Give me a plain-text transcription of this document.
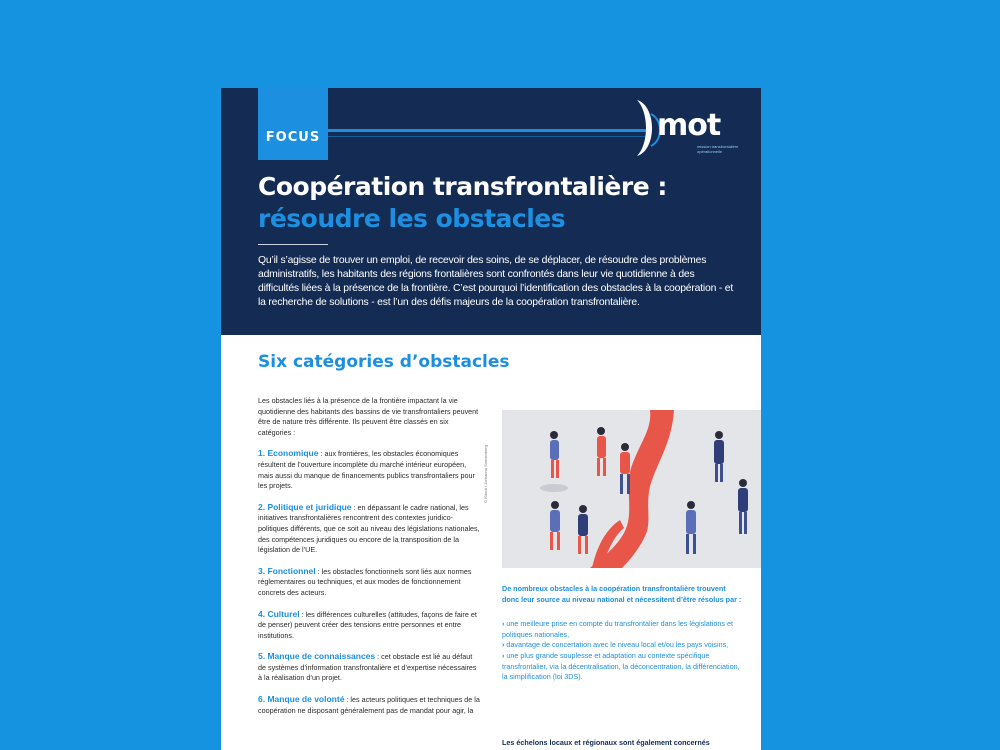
FOCUS	mot
mission transfrontalière opérationnelle
Coopération transfrontalière :
résoudre les obstacles
Qu’il s’agisse de trouver un emploi, de recevoir des soins, de se déplacer, de résoudre des problèmes administratifs, les habitants des régions frontalières sont confrontés dans leur vie quotidienne à des difficultés liées à la présence de la frontière. C’est pourquoi l’identification des obstacles à la coopération - et la recherche de solutions - est l’un des défis majeurs de la coopération transfrontalière.
Six catégories d’obstacles

Les obstacles liés à la présence de la frontière impactant la vie quotidienne des habitants des bassins de vie transfrontaliers peuvent être de nature très différente. Ils peuvent être classés en six catégories :

1. Economique : aux frontières, les obstacles économiques résultent de l’ouverture incomplète du marché intérieur européen, mais aussi du manque de financements publics transfrontaliers pour les projets.

2. Politique et juridique : en dépassant le cadre national, les initiatives transfrontalières rencontrent des contextes juridico-politiques différents, que ce soit au niveau des législations nationales, des compétences juridiques ou encore de la transposition de la législation de l’UE.

3. Fonctionnel : les obstacles fonctionnels sont liés aux normes réglementaires ou techniques, et aux modes de fonctionnement concrets des acteurs.

4. Culturel : les différences culturelles (attitudes, façons de faire et de penser) peuvent créer des tensions entre personnes et entre institutions.

5. Manque de connaissances : cet obstacle est lié au défaut de systèmes d’information transfrontalière et d’expertise nécessaires à la réalisation d’un projet.

6. Manque de volonté : les acteurs politiques et techniques de la coopération ne disposant généralement pas de mandat pour agir, la

© iStock / Jorhanna Sonnenberg

De nombreux obstacles à la coopération transfrontalière trouvent donc leur source au niveau national et nécessitent d’être résolus par :

› une meilleure prise en compte du transfrontalier dans les législations et politiques nationales,

› davantage de concertation avec le niveau local et/ou les pays voisins,

› une plus grande souplesse et adaptation au contexte spécifique transfrontalier, via la décentralisation, la déconcentration, la différenciation, la simplification (loi 3DS).

Les échelons locaux et régionaux sont également concernés
